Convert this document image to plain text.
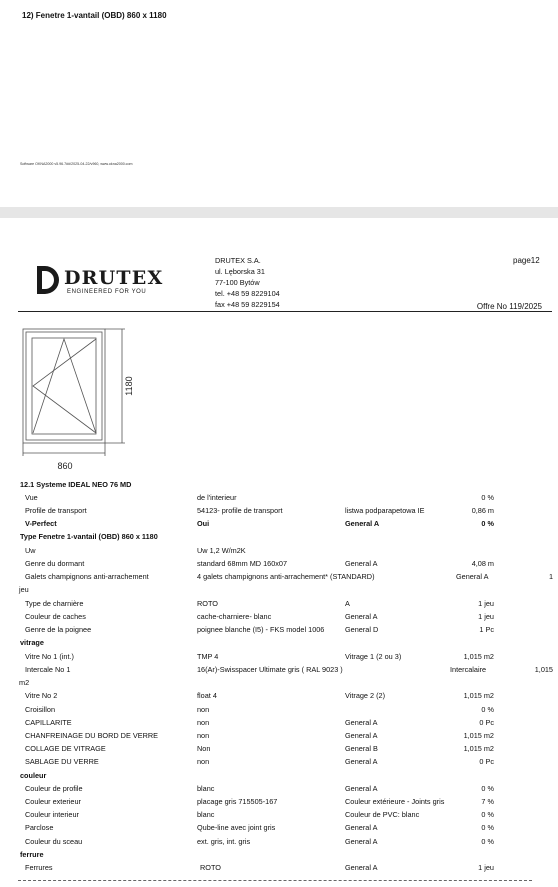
12) Fenetre 1-vantail (OBD) 860 x 1180
Software OKNA2000 v5.96.7##/2025-04-22/v960, www.okna2000.com
DRUTEX
ENGINEERED FOR YOU
DRUTEX S.A.
ul. Lęborska 31
77-100 Bytów
tel. +48 59 8229104
fax +48 59 8229154
page12
Offre No 119/2025
1180
860
12.1 Systeme IDEAL NEO 76 MD
Vue	de l'interieur	0 %
Profile de transport	54123- profile de transport	listwa podparapetowa IE	0,86 m
V-Perfect	Oui	General A	0 %
Type Fenetre 1-vantail (OBD) 860 x 1180
Uw	Uw 1,2 W/m2K
Genre du dormant	standard 68mm MD 160x07	General A	4,08 m
Galets champignons anti-arrachement	4 galets champignons anti-arrachement* (STANDARD)	General A	1
jeu
Type de charnière	ROTO	A	1 jeu
Couleur de caches	cache-charniere- blanc	General A	1 jeu
Genre de la poignee	poignee blanche (I5) - FKS model 1006	General D	1 Pc
vitrage
Vitre No 1 (int.)	TMP 4	Vitrage 1 (2 ou 3)	1,015 m2
Intercale No 1	16(Ar)-Swisspacer Ultimate gris ( RAL 9023 )	Intercalaire	1,015
m2
Vitre No 2	float 4	Vitrage 2 (2)	1,015 m2
Croisillon	non	0 %
CAPILLARITE	non	General A	0 Pc
CHANFREINAGE DU BORD DE VERRE	non	General A	1,015 m2
COLLAGE DE VITRAGE	Non	General B	1,015 m2
SABLAGE DU VERRE	non	General A	0 Pc
couleur
Couleur de profile	blanc	General A	0 %
Couleur exterieur	placage gris 715505-167	Couleur extérieure - Joints gris	7 %
Couleur interieur	blanc	Couleur de PVC: blanc	0 %
Parclose	Qube-line avec joint gris	General A	0 %
Couleur du sceau	ext. gris, int. gris	General A	0 %
ferrure
Ferrures	ROTO	General A	1 jeu
